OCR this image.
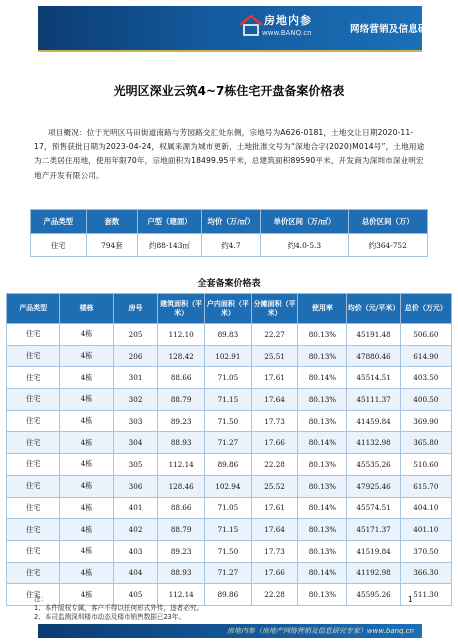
房地内参
www.BANQ.cn	网络营销及信息研究专家
光明区深业云筑4~7栋住宅开盘备案价格表
项目概况：位于光明区马田街道南路与芳园路交汇处东侧，宗地号为A626-0181，土地交让日期2020-11-17，预售获批日期为2023-04-24，权属来源为城市更新，土地批准文号为“深地合字(2020)M014号”，土地用途为二类居住用地，使用年限70年，宗地面积为18499.95平米，总建筑面积89590平米，开发商为深圳市深业明宏地产开发有限公司。
产品类型	套数	户型（建面）	均价（万/㎡）	单价区间（万/㎡）	总价区间（万）
住宅	794套	约88-143㎡	约4.7	约4.0-5.3	约364-752
全套备案价格表
产品类型	楼栋	房号	建筑面积（平米）	户内面积（平米）	分摊面积（平米）	使用率	均价（元/平米）	总价（万元）
住宅	4栋	205	112.10	89.83	22.27	80.13%	45191.48	506.60
住宅	4栋	206	128.42	102.91	25.51	80.13%	47880.46	614.90
住宅	4栋	301	88.66	71.05	17.61	80.14%	45514.51	403.50
住宅	4栋	302	88.79	71.15	17.64	80.13%	45111.37	400.50
住宅	4栋	303	89.23	71.50	17.73	80.13%	41459.84	369.90
住宅	4栋	304	88.93	71.27	17.66	80.14%	41132.98	365.80
住宅	4栋	305	112.14	89.86	22.28	80.13%	45535.26	510.60
住宅	4栋	306	128.46	102.94	25.52	80.13%	47925.46	615.70
住宅	4栋	401	88.66	71.05	17.61	80.14%	45574.51	404.10
住宅	4栋	402	88.79	71.15	17.64	80.13%	45171.37	401.10
住宅	4栋	403	89.23	71.50	17.73	80.13%	41519.84	370.50
住宅	4栋	404	88.93	71.27	17.66	80.14%	41192.98	366.30
住宅	4栋	405	112.14	89.86	22.28	80.13%	45595.26	511.30
注：
1、本件版权专属，客户不得以任何形式外传，违者必究。
2、本司监测深圳楼市动态及楼市销售数据已23年。
1
房地内参（房地产网络营销及信息研究专家）www.banq.cn
